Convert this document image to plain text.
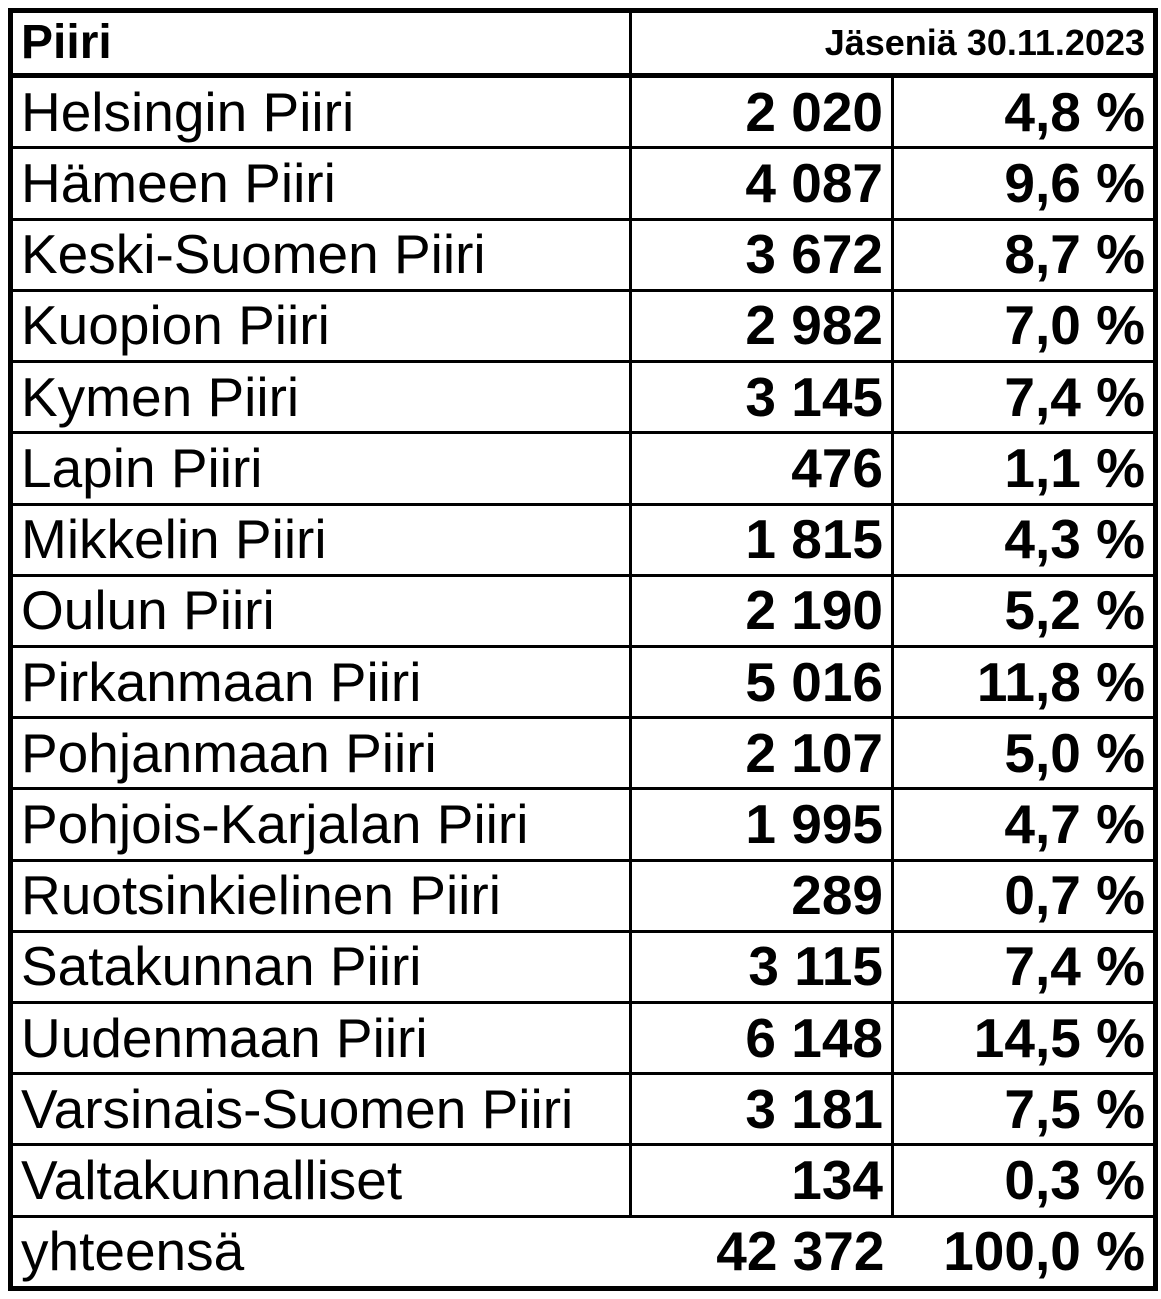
Piiri	Jäseniä 30.11.2023	
Helsingin Piiri	2 020	4,8 %
Hämeen Piiri	4 087	9,6 %
Keski-Suomen Piiri	3 672	8,7 %
Kuopion Piiri	2 982	7,0 %
Kymen Piiri	3 145	7,4 %
Lapin Piiri	476	1,1 %
Mikkelin Piiri	1 815	4,3 %
Oulun Piiri	2 190	5,2 %
Pirkanmaan Piiri	5 016	11,8 %
Pohjanmaan Piiri	2 107	5,0 %
Pohjois-Karjalan Piiri	1 995	4,7 %
Ruotsinkielinen Piiri	289	0,7 %
Satakunnan Piiri	3 115	7,4 %
Uudenmaan Piiri	6 148	14,5 %
Varsinais-Suomen Piiri	3 181	7,5 %
Valtakunnalliset	134	0,3 %
yhteensä	42 372	100,0 %
